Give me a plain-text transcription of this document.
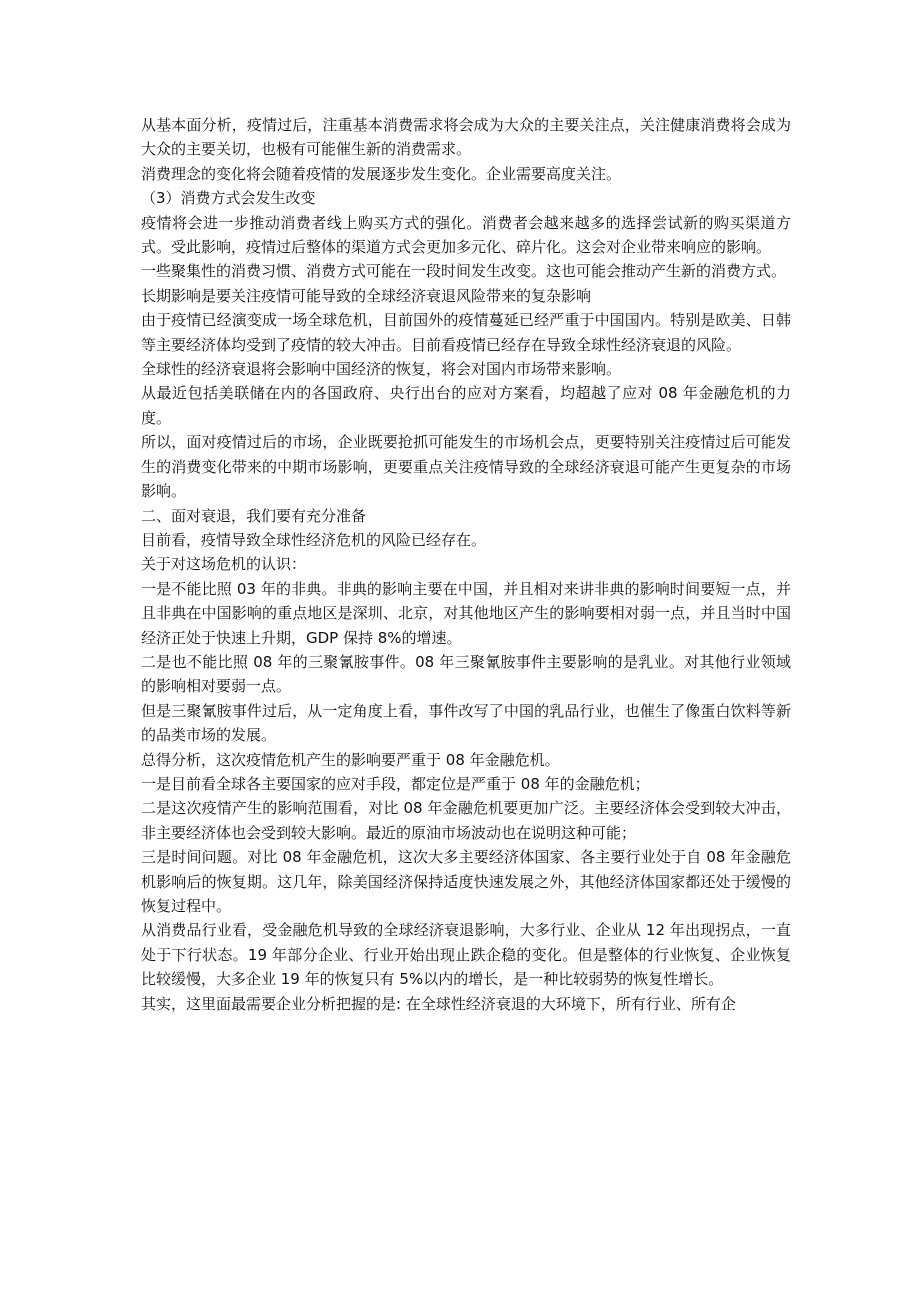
从基本面分析，疫情过后，注重基本消费需求将会成为大众的主要关注点，关注健康消费将会成为大众的主要关切，也极有可能催生新的消费需求。

消费理念的变化将会随着疫情的发展逐步发生变化。企业需要高度关注。

（3）消费方式会发生改变

疫情将会进一步推动消费者线上购买方式的强化。消费者会越来越多的选择尝试新的购买渠道方式。受此影响，疫情过后整体的渠道方式会更加多元化、碎片化。这会对企业带来响应的影响。

一些聚集性的消费习惯、消费方式可能在一段时间发生改变。这也可能会推动产生新的消费方式。

长期影响是要关注疫情可能导致的全球经济衰退风险带来的复杂影响

由于疫情已经演变成一场全球危机，目前国外的疫情蔓延已经严重于中国国内。特别是欧美、日韩等主要经济体均受到了疫情的较大冲击。目前看疫情已经存在导致全球性经济衰退的风险。

全球性的经济衰退将会影响中国经济的恢复，将会对国内市场带来影响。

从最近包括美联储在内的各国政府、央行出台的应对方案看，均超越了应对 08 年金融危机的力度。

所以，面对疫情过后的市场，企业既要抢抓可能发生的市场机会点，更要特别关注疫情过后可能发生的消费变化带来的中期市场影响，更要重点关注疫情导致的全球经济衰退可能产生更复杂的市场影响。

二、面对衰退，我们要有充分准备

目前看，疫情导致全球性经济危机的风险已经存在。

关于对这场危机的认识：

一是不能比照 03 年的非典。非典的影响主要在中国，并且相对来讲非典的影响时间要短一点，并且非典在中国影响的重点地区是深圳、北京，对其他地区产生的影响要相对弱一点，并且当时中国经济正处于快速上升期，GDP 保持 8%的增速。

二是也不能比照 08 年的三聚氰胺事件。08 年三聚氰胺事件主要影响的是乳业。对其他行业领域的影响相对要弱一点。

但是三聚氰胺事件过后，从一定角度上看，事件改写了中国的乳品行业，也催生了像蛋白饮料等新的品类市场的发展。

总得分析，这次疫情危机产生的影响要严重于 08 年金融危机。

一是目前看全球各主要国家的应对手段，都定位是严重于 08 年的金融危机；

二是这次疫情产生的影响范围看，对比 08 年金融危机要更加广泛。主要经济体会受到较大冲击，非主要经济体也会受到较大影响。最近的原油市场波动也在说明这种可能；

三是时间问题。对比 08 年金融危机，这次大多主要经济体国家、各主要行业处于自 08 年金融危机影响后的恢复期。这几年，除美国经济保持适度快速发展之外，其他经济体国家都还处于缓慢的恢复过程中。

从消费品行业看，受金融危机导致的全球经济衰退影响，大多行业、企业从 12 年出现拐点，一直处于下行状态。19 年部分企业、行业开始出现止跌企稳的变化。但是整体的行业恢复、企业恢复比较缓慢，大多企业 19 年的恢复只有 5%以内的增长，是一种比较弱势的恢复性增长。

其实，这里面最需要企业分析把握的是: 在全球性经济衰退的大环境下，所有行业、所有企
